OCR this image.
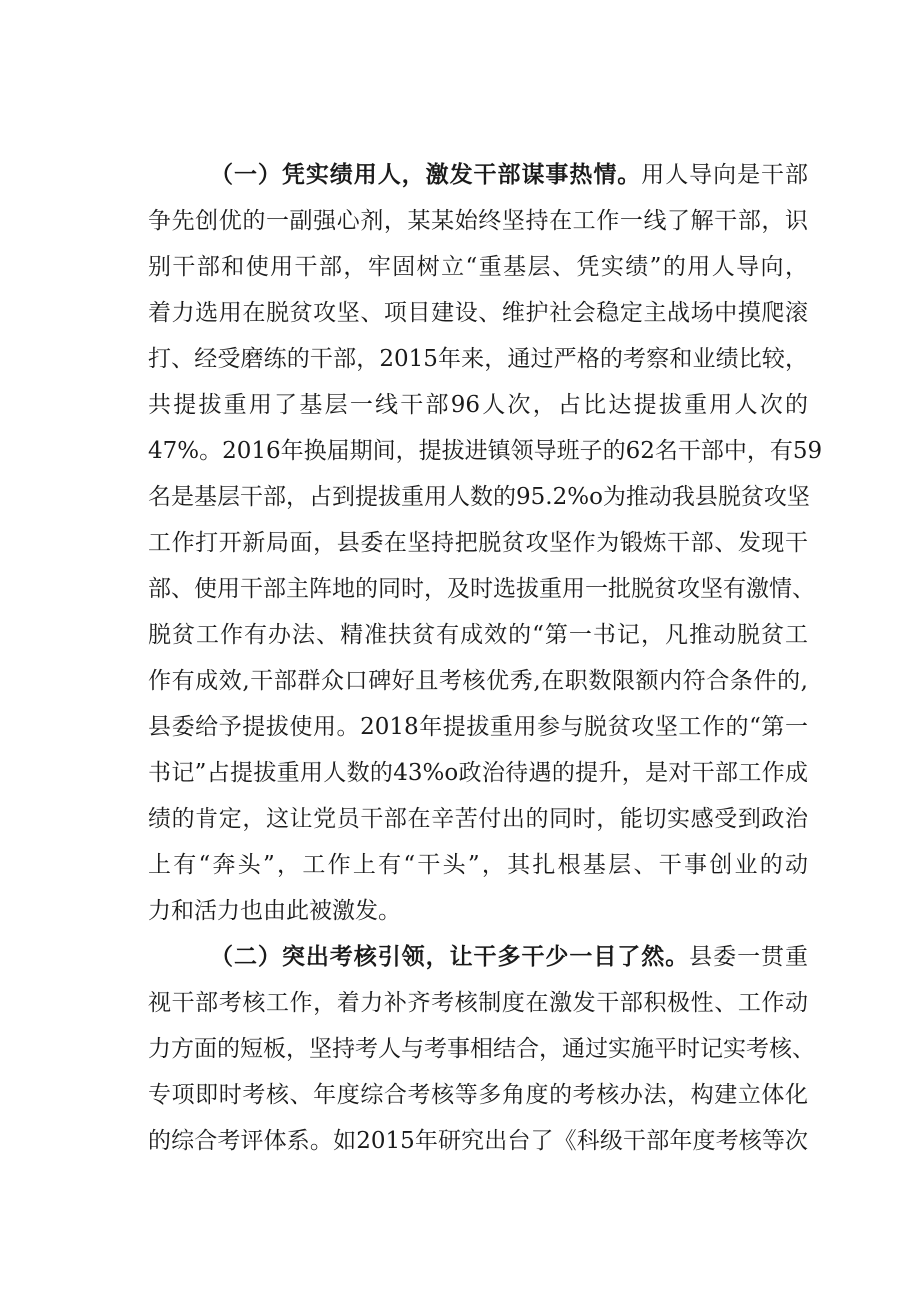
（一）凭实绩用人，激发干部谋事热情。用人导向是干部
争先创优的一副强心剂，某某始终坚持在工作一线了解干部，识
别干部和使用干部，牢固树立“重基层、凭实绩”的用人导向，
着力选用在脱贫攻坚、项目建设、维护社会稳定主战场中摸爬滚
打、经受磨练的干部，2015年来，通过严格的考察和业绩比较，
共提拔重用了基层一线干部96人次，占比达提拔重用人次的
47%。2016年换届期间，提拔进镇领导班子的62名干部中，有59
名是基层干部，占到提拔重用人数的95.2%o为推动我县脱贫攻坚
工作打开新局面，县委在坚持把脱贫攻坚作为锻炼干部、发现干
部、使用干部主阵地的同时，及时选拔重用一批脱贫攻坚有激情、
脱贫工作有办法、精准扶贫有成效的“第一书记，凡推动脱贫工
作有成效,干部群众口碑好且考核优秀,在职数限额内符合条件的,
县委给予提拔使用。2018年提拔重用参与脱贫攻坚工作的“第一
书记”占提拔重用人数的43%o政治待遇的提升，是对干部工作成
绩的肯定，这让党员干部在辛苦付出的同时，能切实感受到政治
上有“奔头”，工作上有“干头”，其扎根基层、干事创业的动
力和活力也由此被激发。
（二）突出考核引领，让干多干少一目了然。县委一贯重
视干部考核工作，着力补齐考核制度在激发干部积极性、工作动
力方面的短板，坚持考人与考事相结合，通过实施平时记实考核、
专项即时考核、年度综合考核等多角度的考核办法，构建立体化
的综合考评体系。如2015年研究出台了《科级干部年度考核等次
